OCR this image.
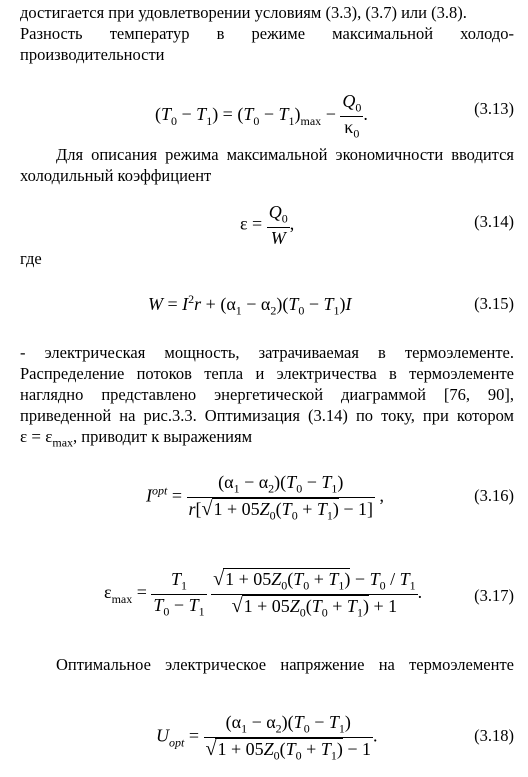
достигается при удовлетворении условиям (3.3), (3.7) или (3.8).
Разность температур в режиме максимальной холодо-
производительности

$(T_0 - T_1) = (T_0 - T_1)_{max} - \frac{Q_0}{\kappa_0}$ .	(3.13)

Для описания режима максимальной экономичности вводится холодильный коэффициент

$\varepsilon = \frac{Q_0}{W}$ ,	(3.14)

где

$W = I^2r + (\alpha_1 - \alpha_2)(T_0 - T_1)I$	(3.15)

- электрическая мощность, затрачиваемая в термоэлементе. Распределение потоков тепла и электричества в термоэлементе наглядно представлено энергетической диаграммой [76, 90], приведенной на рис.3.3. Оптимизация (3.14) по току, при котором $\varepsilon = \varepsilon_{max}$, приводит к выражениям

$I^{opt} = \frac{(\alpha_1 - \alpha_2)(T_0 - T_1)}{r[√1 + 05Z_0(T_0 + T_1) - 1]}$ ,	(3.16)
$\varepsilon_{max} = \frac{T_1}{T_0 - T_1}$
$\frac{√1 + 05Z_0(T_0 + T_1) - T_0 / T_1}{√1 + 05Z_0(T_0 + T_1) + 1}$ .	(3.17)

Оптимальное электрическое напряжение на термоэлементе

$U_{opt} = \frac{(\alpha_1 - \alpha_2)(T_0 - T_1)}{√1 + 05Z_0(T_0 + T_1) - 1}$ .	(3.18)
